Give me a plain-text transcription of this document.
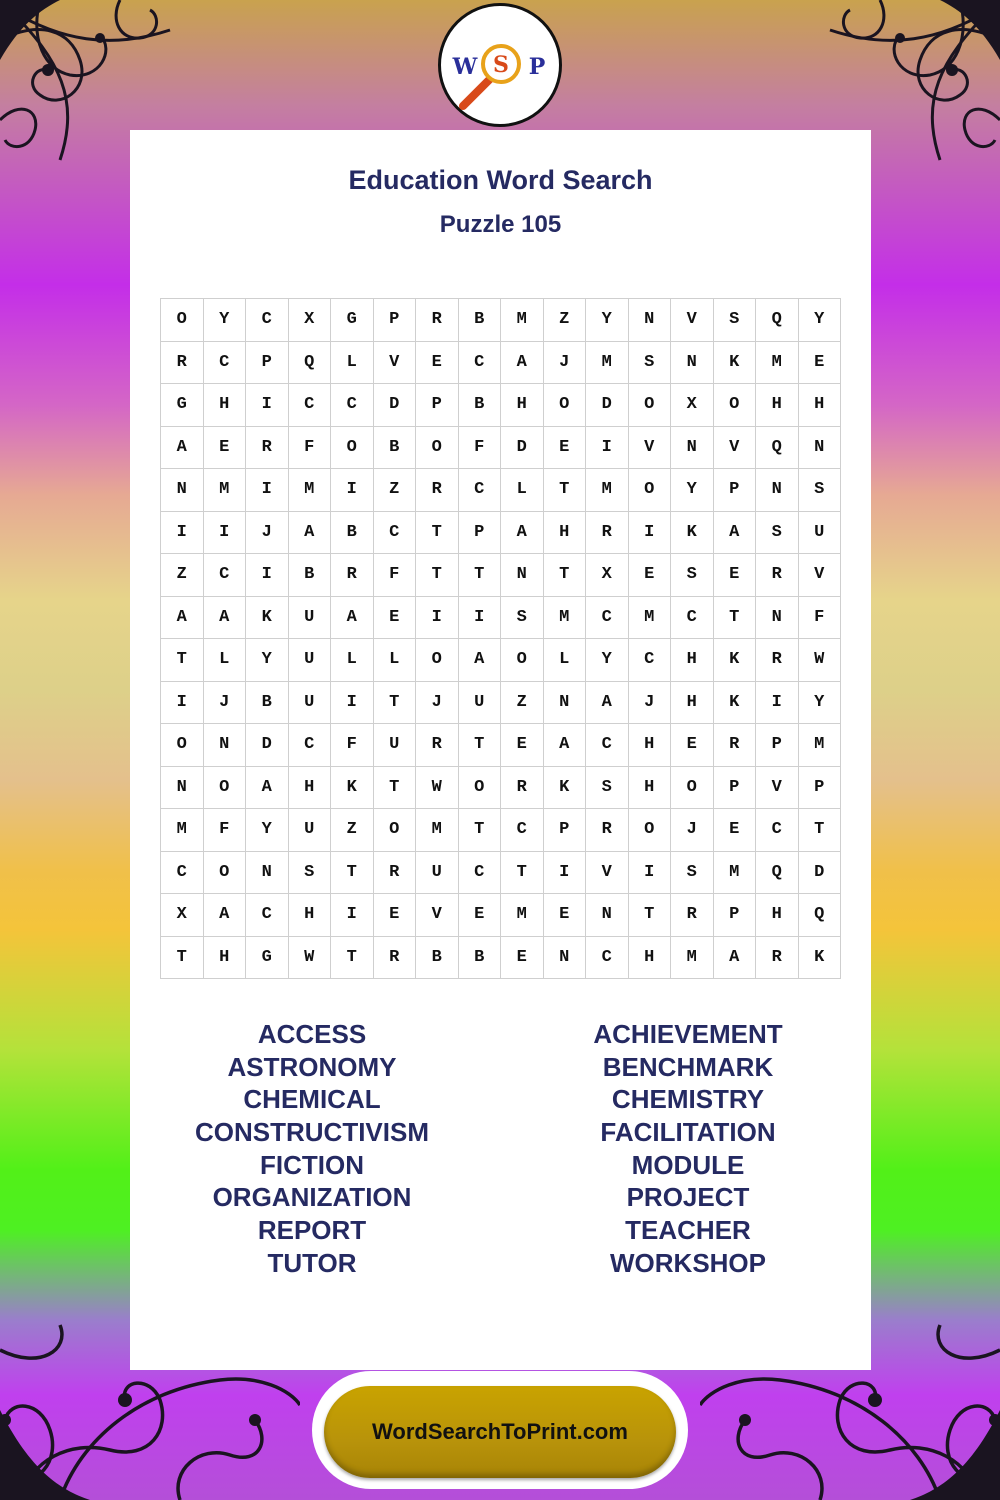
W S P
Education Word Search
Puzzle 105
O	Y	C	X	G	P	R	B	M	Z	Y	N	V	S	Q	Y
R	C	P	Q	L	V	E	C	A	J	M	S	N	K	M	E
G	H	I	C	C	D	P	B	H	O	D	O	X	O	H	H
A	E	R	F	O	B	O	F	D	E	I	V	N	V	Q	N
N	M	I	M	I	Z	R	C	L	T	M	O	Y	P	N	S
I	I	J	A	B	C	T	P	A	H	R	I	K	A	S	U
Z	C	I	B	R	F	T	T	N	T	X	E	S	E	R	V
A	A	K	U	A	E	I	I	S	M	C	M	C	T	N	F
T	L	Y	U	L	L	O	A	O	L	Y	C	H	K	R	W
I	J	B	U	I	T	J	U	Z	N	A	J	H	K	I	Y
O	N	D	C	F	U	R	T	E	A	C	H	E	R	P	M
N	O	A	H	K	T	W	O	R	K	S	H	O	P	V	P
M	F	Y	U	Z	O	M	T	C	P	R	O	J	E	C	T
C	O	N	S	T	R	U	C	T	I	V	I	S	M	Q	D
X	A	C	H	I	E	V	E	M	E	N	T	R	P	H	Q
T	H	G	W	T	R	B	B	E	N	C	H	M	A	R	K
ACCESS
ASTRONOMY
CHEMICAL
CONSTRUCTIVISM
FICTION
ORGANIZATION
REPORT
TUTOR
ACHIEVEMENT
BENCHMARK
CHEMISTRY
FACILITATION
MODULE
PROJECT
TEACHER
WORKSHOP
WordSearchToPrint.com
